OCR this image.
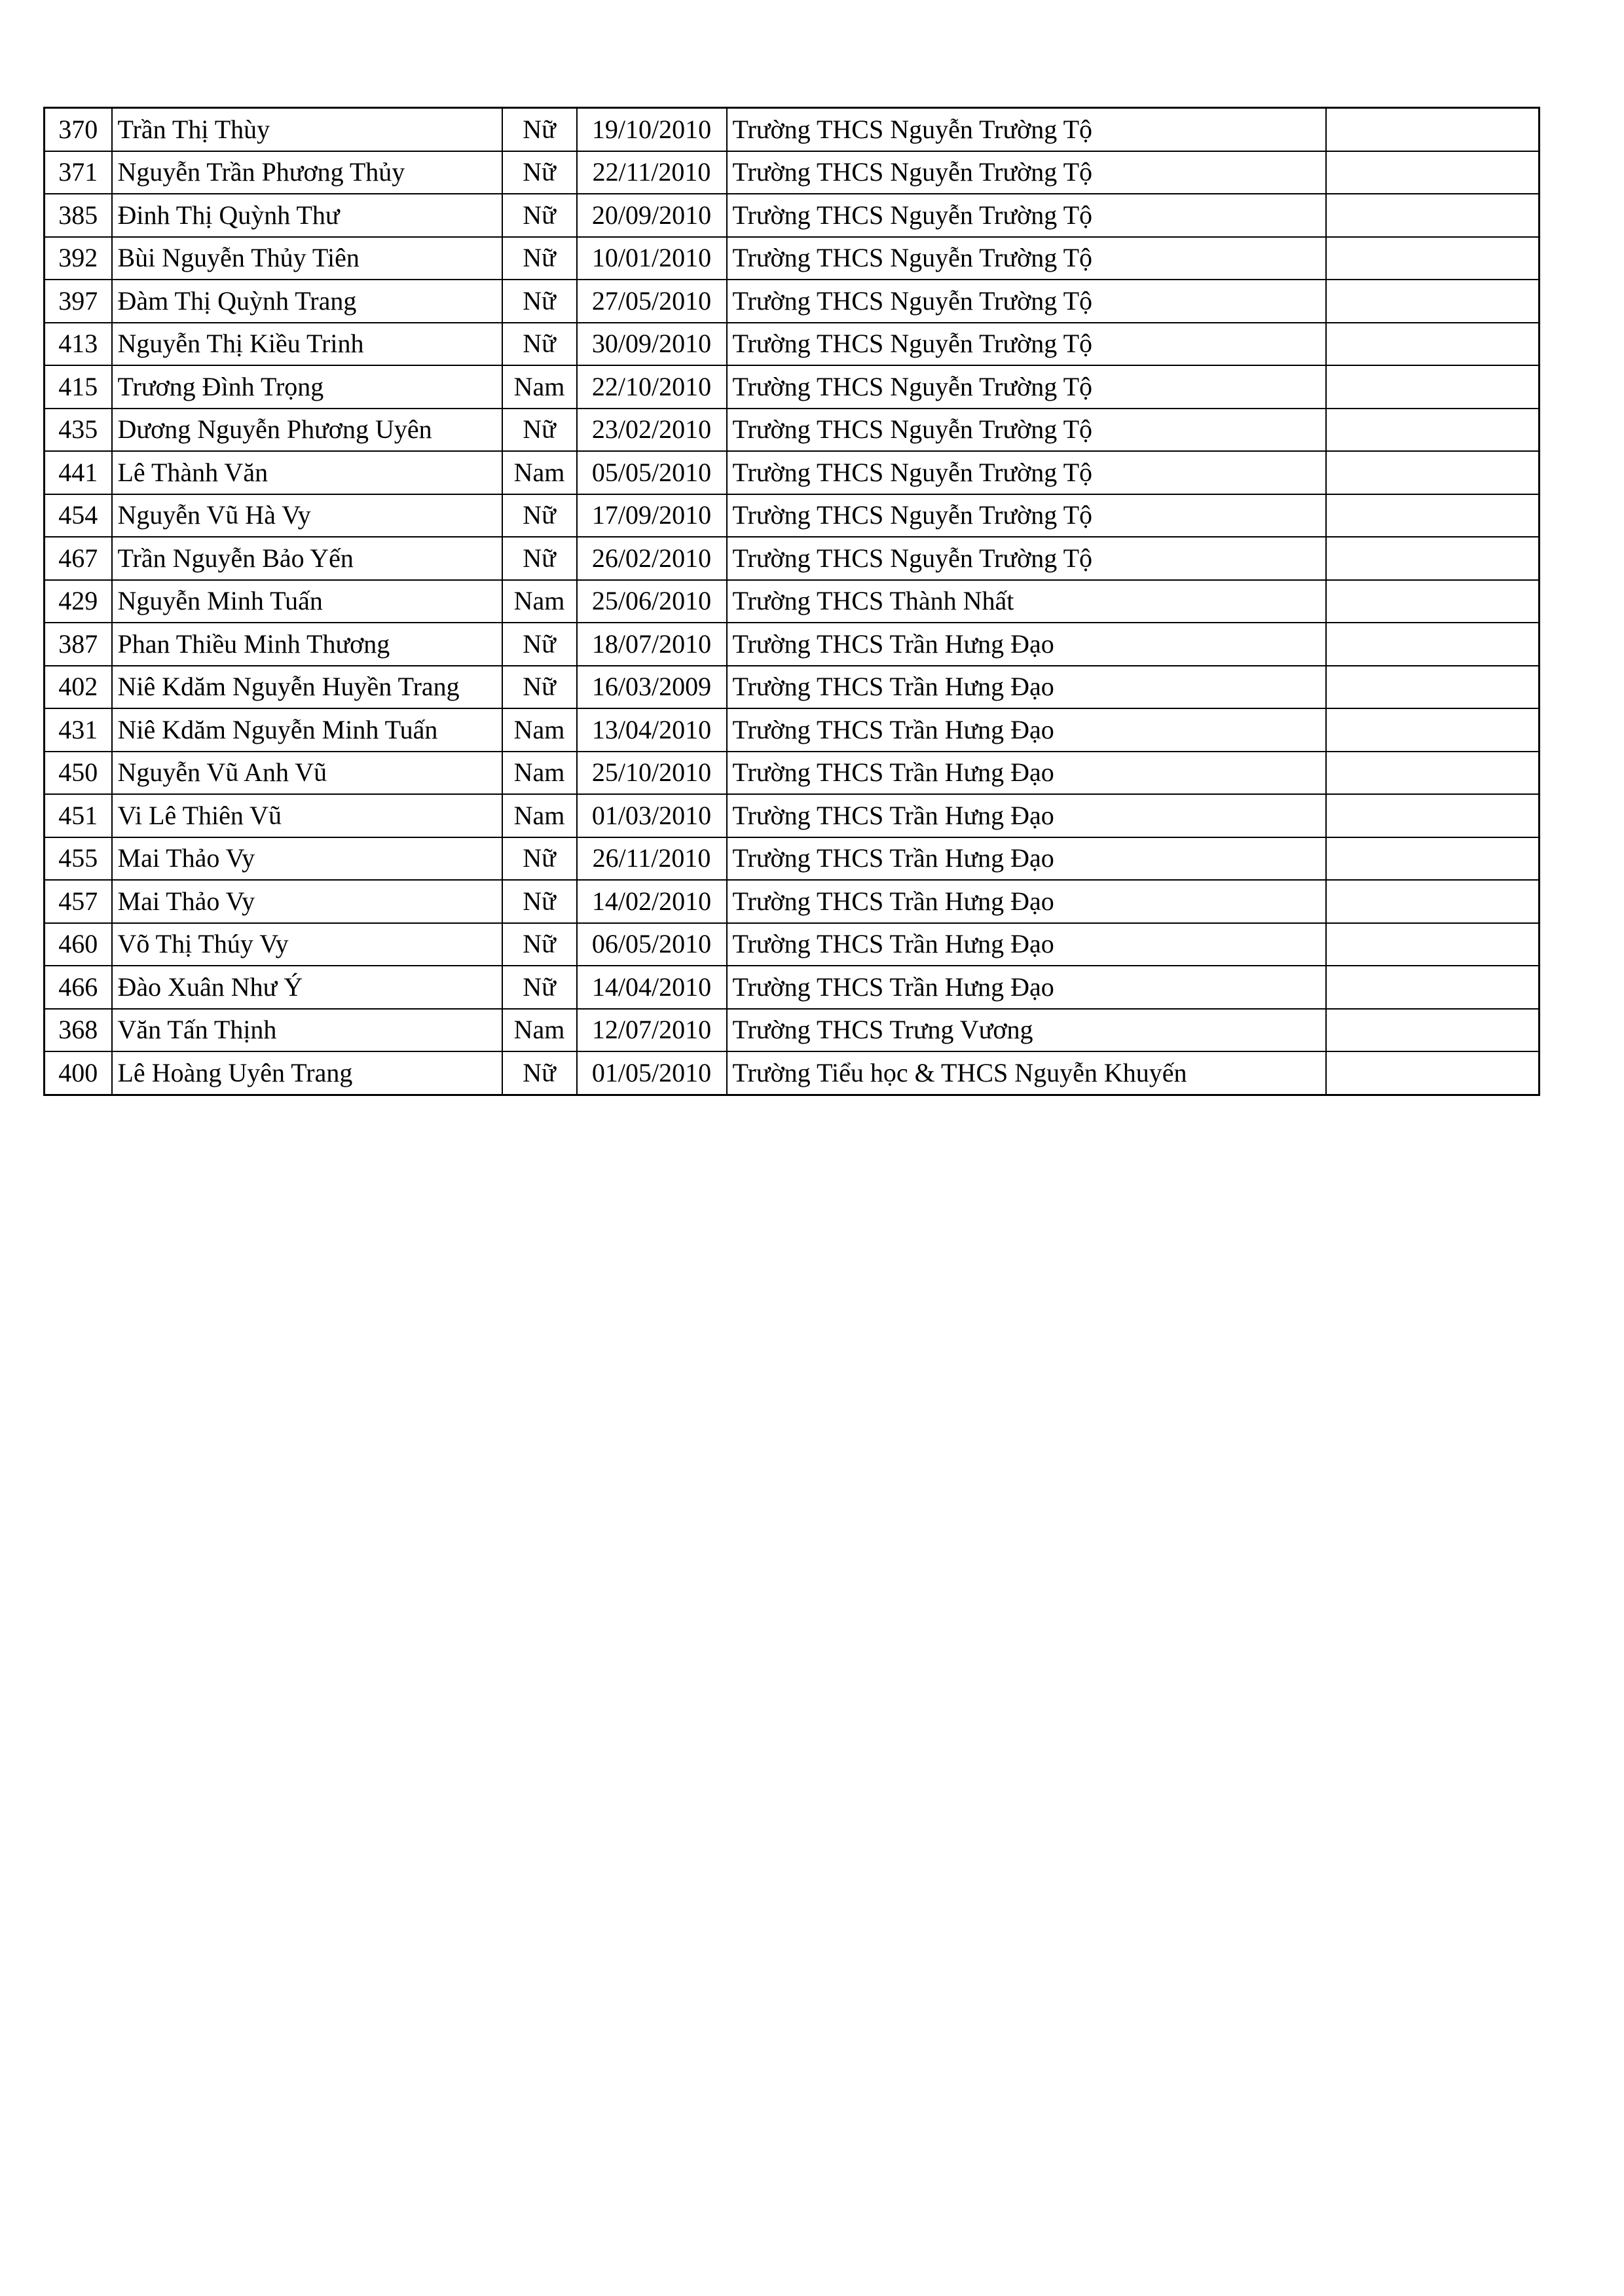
370	Trần Thị Thùy	Nữ	19/10/2010	Trường THCS Nguyễn Trường Tộ	
371	Nguyễn Trần Phương Thủy	Nữ	22/11/2010	Trường THCS Nguyễn Trường Tộ	
385	Đinh Thị Quỳnh Thư	Nữ	20/09/2010	Trường THCS Nguyễn Trường Tộ	
392	Bùi Nguyễn Thủy Tiên	Nữ	10/01/2010	Trường THCS Nguyễn Trường Tộ	
397	Đàm Thị Quỳnh Trang	Nữ	27/05/2010	Trường THCS Nguyễn Trường Tộ	
413	Nguyễn Thị Kiều Trinh	Nữ	30/09/2010	Trường THCS Nguyễn Trường Tộ	
415	Trương Đình Trọng	Nam	22/10/2010	Trường THCS Nguyễn Trường Tộ	
435	Dương Nguyễn Phương Uyên	Nữ	23/02/2010	Trường THCS Nguyễn Trường Tộ	
441	Lê Thành Văn	Nam	05/05/2010	Trường THCS Nguyễn Trường Tộ	
454	Nguyễn Vũ Hà Vy	Nữ	17/09/2010	Trường THCS Nguyễn Trường Tộ	
467	Trần Nguyễn Bảo Yến	Nữ	26/02/2010	Trường THCS Nguyễn Trường Tộ	
429	Nguyễn Minh Tuấn	Nam	25/06/2010	Trường THCS Thành Nhất	
387	Phan Thiều Minh Thương	Nữ	18/07/2010	Trường THCS Trần Hưng Đạo	
402	Niê Kdăm Nguyễn Huyền Trang	Nữ	16/03/2009	Trường THCS Trần Hưng Đạo	
431	Niê Kdăm Nguyễn Minh Tuấn	Nam	13/04/2010	Trường THCS Trần Hưng Đạo	
450	Nguyễn Vũ Anh Vũ	Nam	25/10/2010	Trường THCS Trần Hưng Đạo	
451	Vi Lê Thiên Vũ	Nam	01/03/2010	Trường THCS Trần Hưng Đạo	
455	Mai Thảo Vy	Nữ	26/11/2010	Trường THCS Trần Hưng Đạo	
457	Mai Thảo Vy	Nữ	14/02/2010	Trường THCS Trần Hưng Đạo	
460	Võ Thị Thúy Vy	Nữ	06/05/2010	Trường THCS Trần Hưng Đạo	
466	Đào Xuân Như Ý	Nữ	14/04/2010	Trường THCS Trần Hưng Đạo	
368	Văn Tấn Thịnh	Nam	12/07/2010	Trường THCS Trưng Vương	
400	Lê Hoàng Uyên Trang	Nữ	01/05/2010	Trường Tiểu học & THCS Nguyễn Khuyến	
